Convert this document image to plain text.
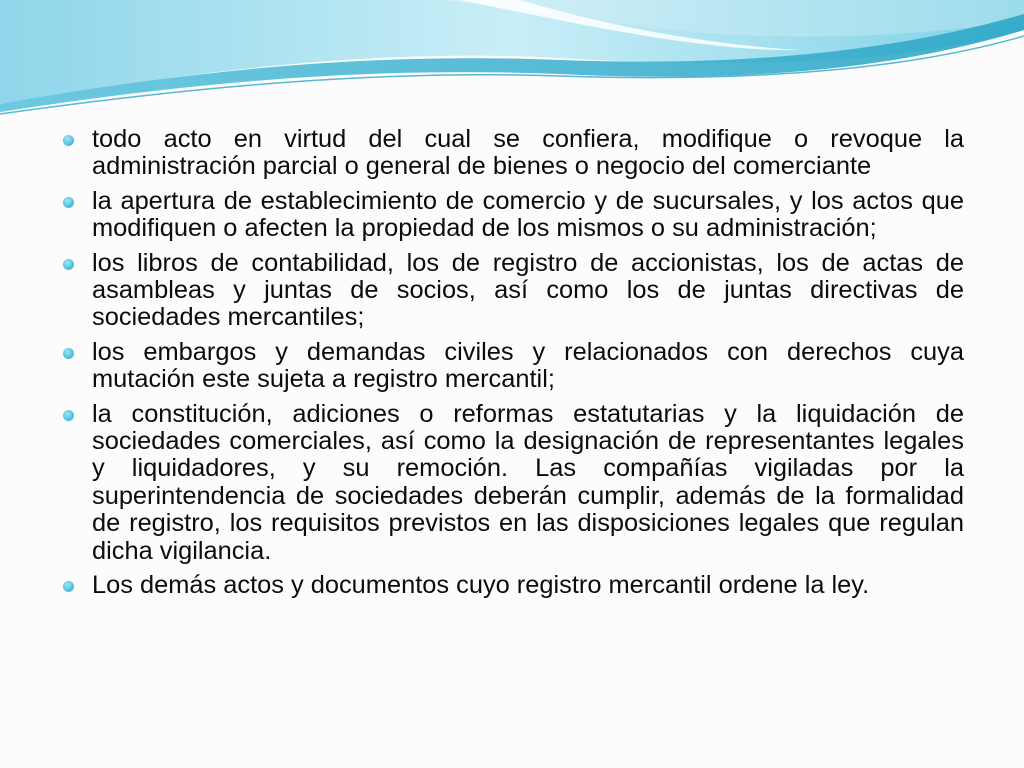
todo acto en virtud del cual se confiera, modifique o revoque la administración parcial o general de bienes o negocio del comerciante
la apertura de establecimiento de comercio y de sucursales, y los actos que modifiquen o afecten la propiedad de los mismos o su administración;
los libros de contabilidad, los de registro de accionistas, los de actas de asambleas y juntas de socios, así como los de juntas directivas de sociedades mercantiles;
los embargos y demandas civiles y relacionados con derechos cuya mutación este sujeta a registro mercantil;
la constitución, adiciones o reformas estatutarias y la liquidación de sociedades comerciales, así como la designación de representantes legales y liquidadores, y su remoción. Las compañías vigiladas por la superintendencia de sociedades deberán cumplir, además de la formalidad de registro, los requisitos previstos en las disposiciones legales que regulan dicha vigilancia.
Los demás actos y documentos cuyo registro mercantil ordene la ley.
